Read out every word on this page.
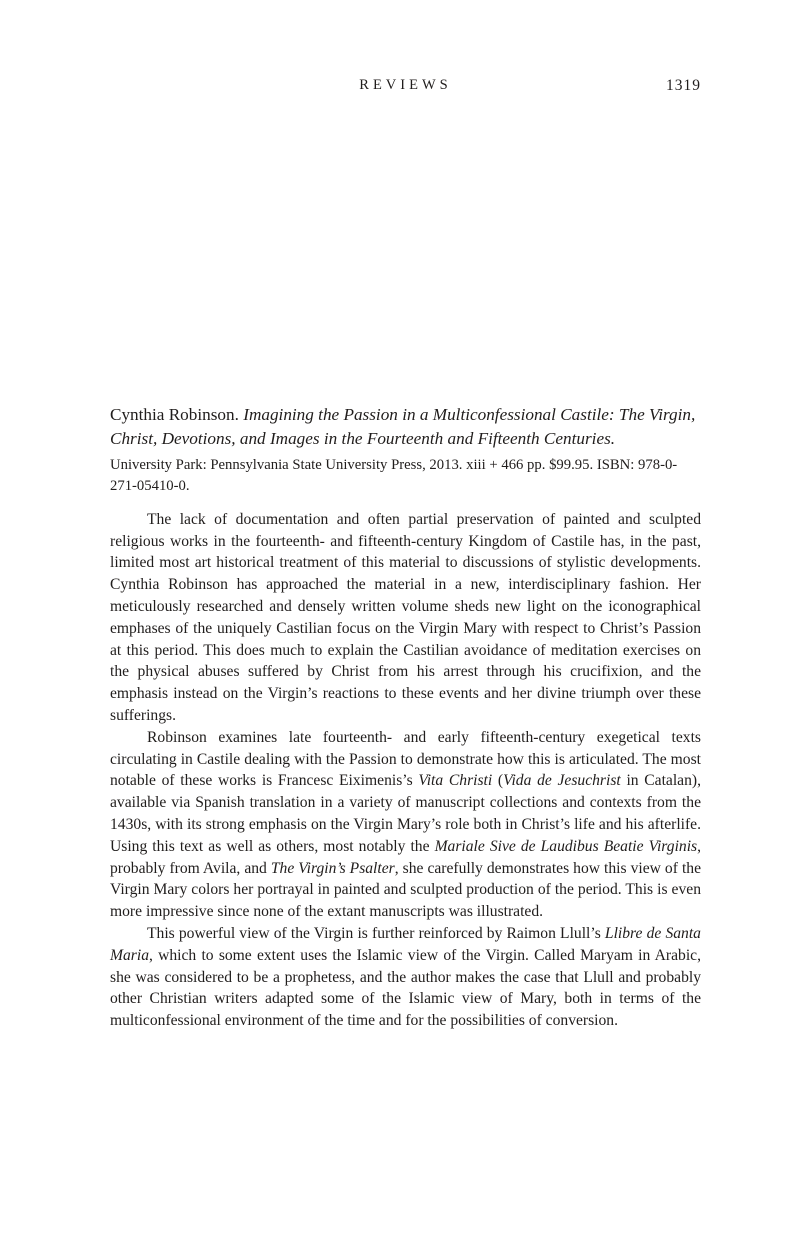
REVIEWS	1319
Cynthia Robinson. Imagining the Passion in a Multiconfessional Castile: The Virgin, Christ, Devotions, and Images in the Fourteenth and Fifteenth Centuries.
University Park: Pennsylvania State University Press, 2013. xiii + 466 pp. $99.95. ISBN: 978-0-271-05410-0.

The lack of documentation and often partial preservation of painted and sculpted religious works in the fourteenth- and fifteenth-century Kingdom of Castile has, in the past, limited most art historical treatment of this material to discussions of stylistic developments. Cynthia Robinson has approached the material in a new, interdisciplinary fashion. Her meticulously researched and densely written volume sheds new light on the iconographical emphases of the uniquely Castilian focus on the Virgin Mary with respect to Christ’s Passion at this period. This does much to explain the Castilian avoidance of meditation exercises on the physical abuses suffered by Christ from his arrest through his crucifixion, and the emphasis instead on the Virgin’s reactions to these events and her divine triumph over these sufferings.

Robinson examines late fourteenth- and early fifteenth-century exegetical texts circulating in Castile dealing with the Passion to demonstrate how this is articulated. The most notable of these works is Francesc Eiximenis’s Vita Christi (Vida de Jesuchrist in Catalan), available via Spanish translation in a variety of manuscript collections and contexts from the 1430s, with its strong emphasis on the Virgin Mary’s role both in Christ’s life and his afterlife. Using this text as well as others, most notably the Mariale Sive de Laudibus Beatie Virginis, probably from Avila, and The Virgin’s Psalter, she carefully demonstrates how this view of the Virgin Mary colors her portrayal in painted and sculpted production of the period. This is even more impressive since none of the extant manuscripts was illustrated.

This powerful view of the Virgin is further reinforced by Raimon Llull’s Llibre de Santa Maria, which to some extent uses the Islamic view of the Virgin. Called Maryam in Arabic, she was considered to be a prophetess, and the author makes the case that Llull and probably other Christian writers adapted some of the Islamic view of Mary, both in terms of the multiconfessional environment of the time and for the possibilities of conversion.
